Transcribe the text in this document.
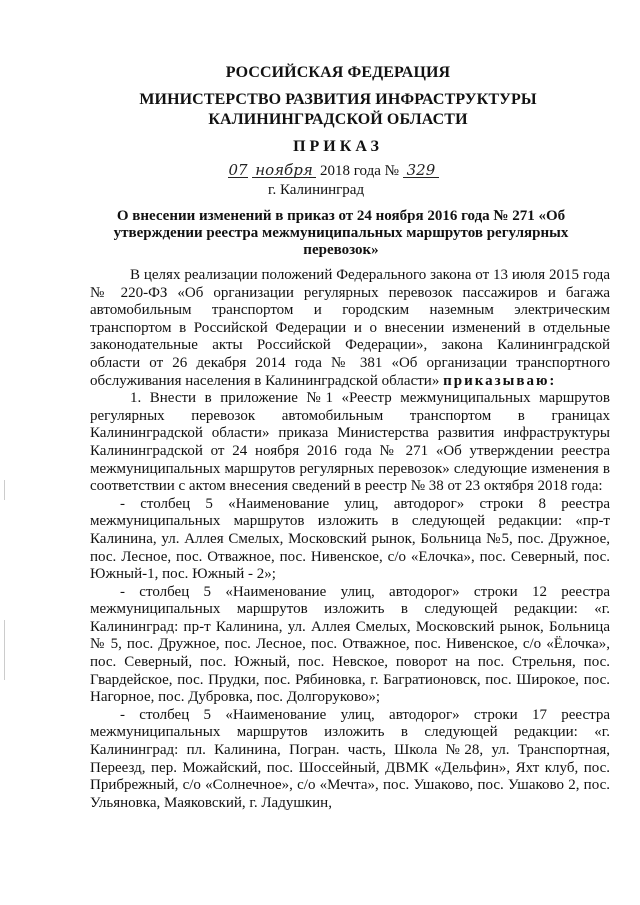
РОССИЙСКАЯ ФЕДЕРАЦИЯ
МИНИСТЕРСТВО РАЗВИТИЯ ИНФРАСТРУКТУРЫ
КАЛИНИНГРАДСКОЙ ОБЛАСТИ
ПРИКАЗ
07 ноября 2018 года № 329
г. Калининград
О внесении изменений в приказ от 24 ноября 2016 года № 271 «Об утверждении реестра межмуниципальных маршрутов регулярных перевозок»

В целях реализации положений Федерального закона от 13 июля 2015 года № 220-ФЗ «Об организации регулярных перевозок пассажиров и багажа автомобильным транспортом и городским наземным электрическим транспортом в Российской Федерации и о внесении изменений в отдельные законодательные акты Российской Федерации», закона Калининградской области от 26 декабря 2014 года № 381 «Об организации транспортного обслуживания населения в Калининградской области» приказываю:

1. Внести в приложение №1 «Реестр межмуниципальных маршрутов регулярных перевозок автомобильным транспортом в границах Калининградской области» приказа Министерства развития инфраструктуры Калининградской от 24 ноября 2016 года № 271 «Об утверждении реестра межмуниципальных маршрутов регулярных перевозок» следующие изменения в соответствии с актом внесения сведений в реестр № 38 от 23 октября 2018 года:

- столбец 5 «Наименование улиц, автодорог» строки 8 реестра межмуниципальных маршрутов изложить в следующей редакции: «пр-т Калинина, ул. Аллея Смелых, Московский рынок, Больница №5, пос. Дружное, пос. Лесное, пос. Отважное, пос. Нивенское, с/о «Елочка», пос. Северный, пос. Южный-1, пос. Южный - 2»;

- столбец 5 «Наименование улиц, автодорог» строки 12 реестра межмуниципальных маршрутов изложить в следующей редакции: «г. Калининград: пр-т Калинина, ул. Аллея Смелых, Московский рынок, Больница № 5, пос. Дружное, пос. Лесное, пос. Отважное, пос. Нивенское, с/о «Ёлочка», пос. Северный, пос. Южный, пос. Невское, поворот на пос. Стрельня, пос. Гвардейское, пос. Прудки, пос. Рябиновка, г. Багратионовск, пос. Широкое, пос. Нагорное, пос. Дубровка, пос. Долгоруково»;

- столбец 5 «Наименование улиц, автодорог» строки 17 реестра межмуниципальных маршрутов изложить в следующей редакции: «г. Калининград: пл. Калинина, Погран. часть, Школа №28, ул. Транспортная, Переезд, пер. Можайский, пос. Шоссейный, ДВМК «Дельфин», Яхт клуб, пос. Прибрежный, с/о «Солнечное», с/о «Мечта», пос. Ушаково, пос. Ушаково 2, пос. Ульяновка, Маяковский, г. Ладушкин,
